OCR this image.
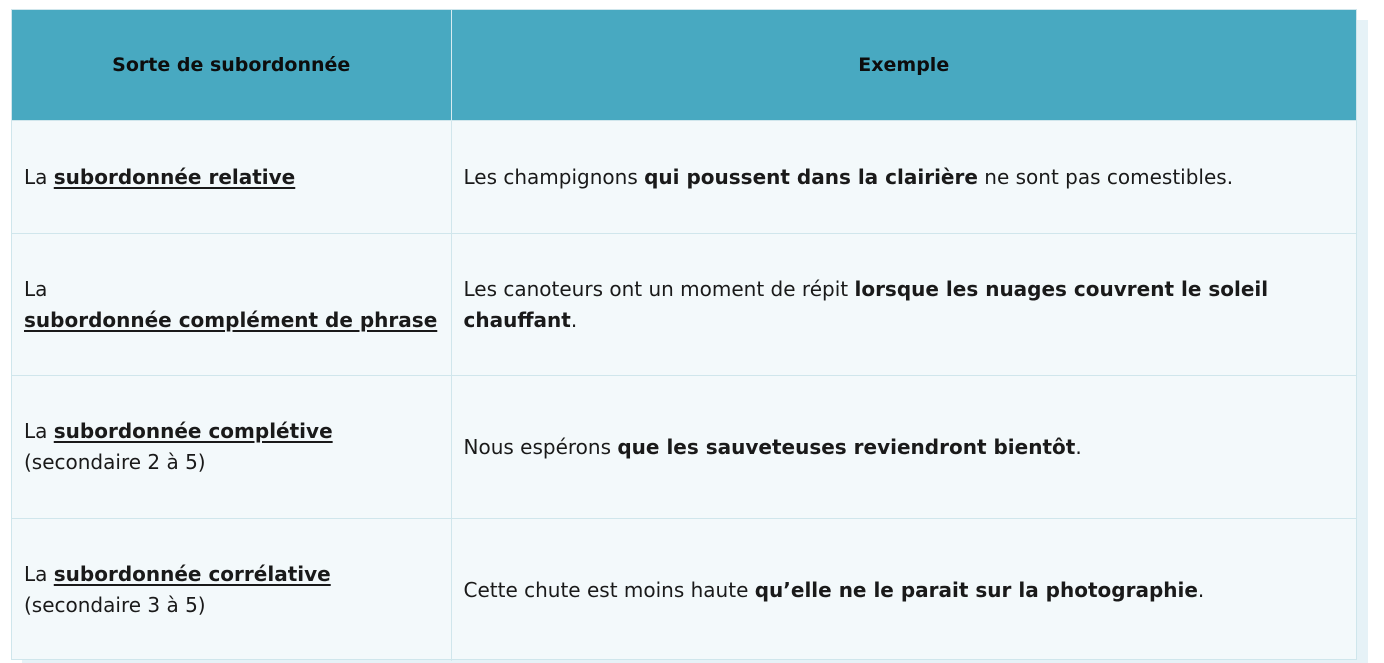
Sorte de subordonnée	Exemple
La subordonnée relative	Les champignons qui poussent dans la clairière ne sont pas comestibles.
La
subordonnée complément de phrase	Les canoteurs ont un moment de répit lorsque les nuages couvrent le soleil chauffant.
La subordonnée complétive
(secondaire 2 à 5)	Nous espérons que les sauveteuses reviendront bientôt.
La subordonnée corrélative
(secondaire 3 à 5)	Cette chute est moins haute qu’elle ne le parait sur la photographie.
